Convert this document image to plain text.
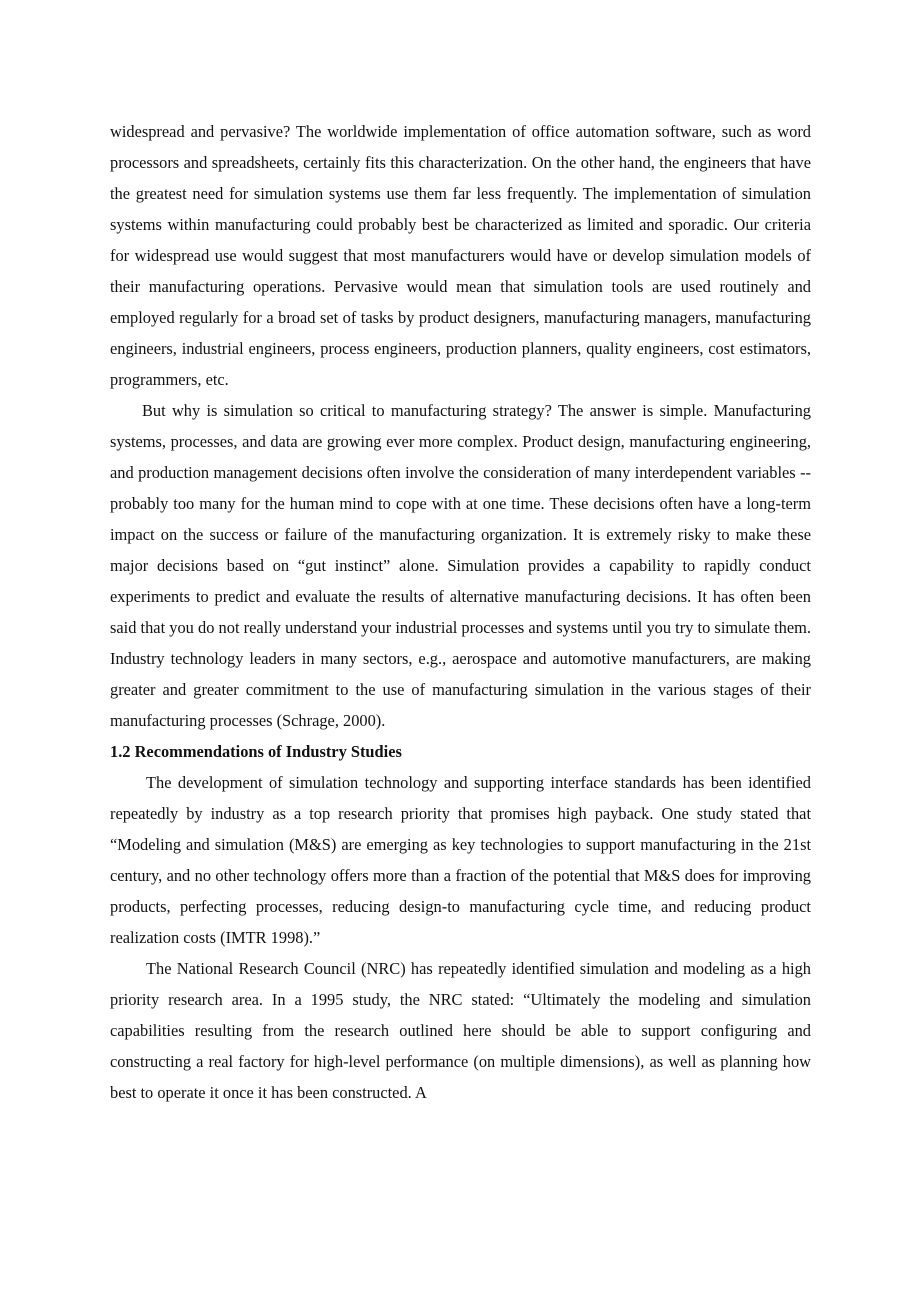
widespread and pervasive? The worldwide implementation of office automation software, such as word processors and spreadsheets, certainly fits this characterization. On the other hand, the engineers that have the greatest need for simulation systems use them far less frequently. The implementation of simulation systems within manufacturing could probably best be characterized as limited and sporadic. Our criteria for widespread use would suggest that most manufacturers would have or develop simulation models of their manufacturing operations. Pervasive would mean that simulation tools are used routinely and employed regularly for a broad set of tasks by product designers, manufacturing managers, manufacturing engineers, industrial engineers, process engineers, production planners, quality engineers, cost estimators, programmers, etc.

But why is simulation so critical to manufacturing strategy? The answer is simple. Manufacturing systems, processes, and data are growing ever more complex. Product design, manufacturing engineering, and production management decisions often involve the consideration of many interdependent variables -- probably too many for the human mind to cope with at one time. These decisions often have a long-term impact on the success or failure of the manufacturing organization. It is extremely risky to make these major decisions based on “gut instinct” alone. Simulation provides a capability to rapidly conduct experiments to predict and evaluate the results of alternative manufacturing decisions. It has often been said that you do not really understand your industrial processes and systems until you try to simulate them. Industry technology leaders in many sectors, e.g., aerospace and automotive manufacturers, are making greater and greater commitment to the use of manufacturing simulation in the various stages of their manufacturing processes (Schrage, 2000).

1.2 Recommendations of Industry Studies

The development of simulation technology and supporting interface standards has been identified repeatedly by industry as a top research priority that promises high payback. One study stated that “Modeling and simulation (M&S) are emerging as key technologies to support manufacturing in the 21st century, and no other technology offers more than a fraction of the potential that M&S does for improving products, perfecting processes, reducing design-to manufacturing cycle time, and reducing product realization costs (IMTR 1998).”

The National Research Council (NRC) has repeatedly identified simulation and modeling as a high priority research area. In a 1995 study, the NRC stated: “Ultimately the modeling and simulation capabilities resulting from the research outlined here should be able to support configuring and constructing a real factory for high-level performance (on multiple dimensions), as well as planning how best to operate it once it has been constructed. A
